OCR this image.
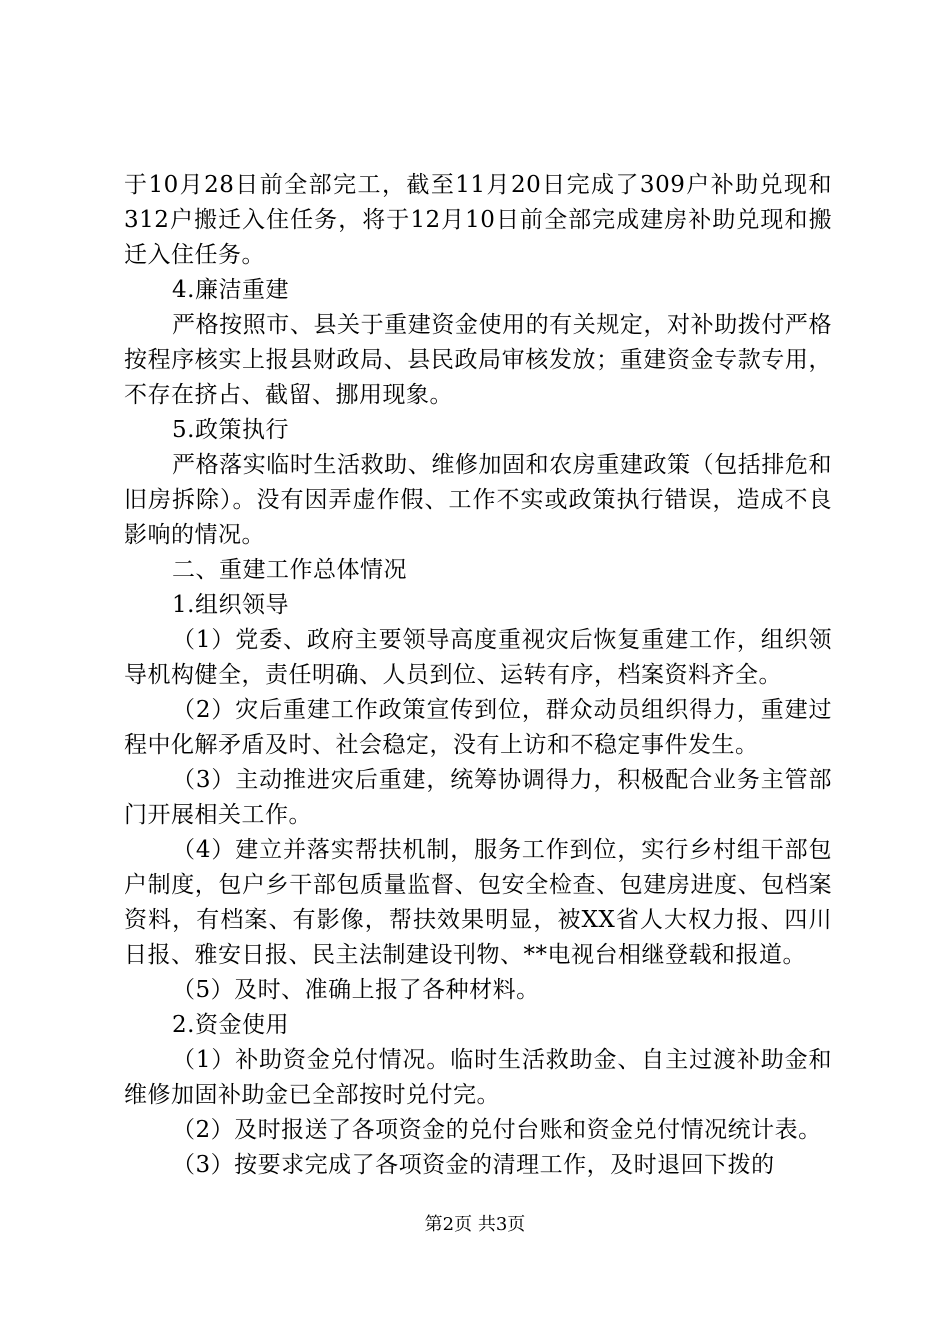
于10月28日前全部完工，截至11月20日完成了309户补助兑现和312户搬迁入住任务，将于12月10日前全部完成建房补助兑现和搬迁入住任务。

4.廉洁重建

严格按照市、县关于重建资金使用的有关规定，对补助拨付严格按程序核实上报县财政局、县民政局审核发放；重建资金专款专用，不存在挤占、截留、挪用现象。

5.政策执行

严格落实临时生活救助、维修加固和农房重建政策（包括排危和旧房拆除）。没有因弄虚作假、工作不实或政策执行错误，造成不良影响的情况。

二、重建工作总体情况

1.组织领导

（1）党委、政府主要领导高度重视灾后恢复重建工作，组织领导机构健全，责任明确、人员到位、运转有序，档案资料齐全。

（2）灾后重建工作政策宣传到位，群众动员组织得力，重建过程中化解矛盾及时、社会稳定，没有上访和不稳定事件发生。

（3）主动推进灾后重建，统筹协调得力，积极配合业务主管部门开展相关工作。

（4）建立并落实帮扶机制，服务工作到位，实行乡村组干部包户制度，包户乡干部包质量监督、包安全检查、包建房进度、包档案资料，有档案、有影像，帮扶效果明显，被XX省人大权力报、四川日报、雅安日报、民主法制建设刊物、**电视台相继登载和报道。

（5）及时、准确上报了各种材料。

2.资金使用

（1）补助资金兑付情况。临时生活救助金、自主过渡补助金和维修加固补助金已全部按时兑付完。

（2）及时报送了各项资金的兑付台账和资金兑付情况统计表。

（3）按要求完成了各项资金的清理工作，及时退回下拨的

第2页 共3页
